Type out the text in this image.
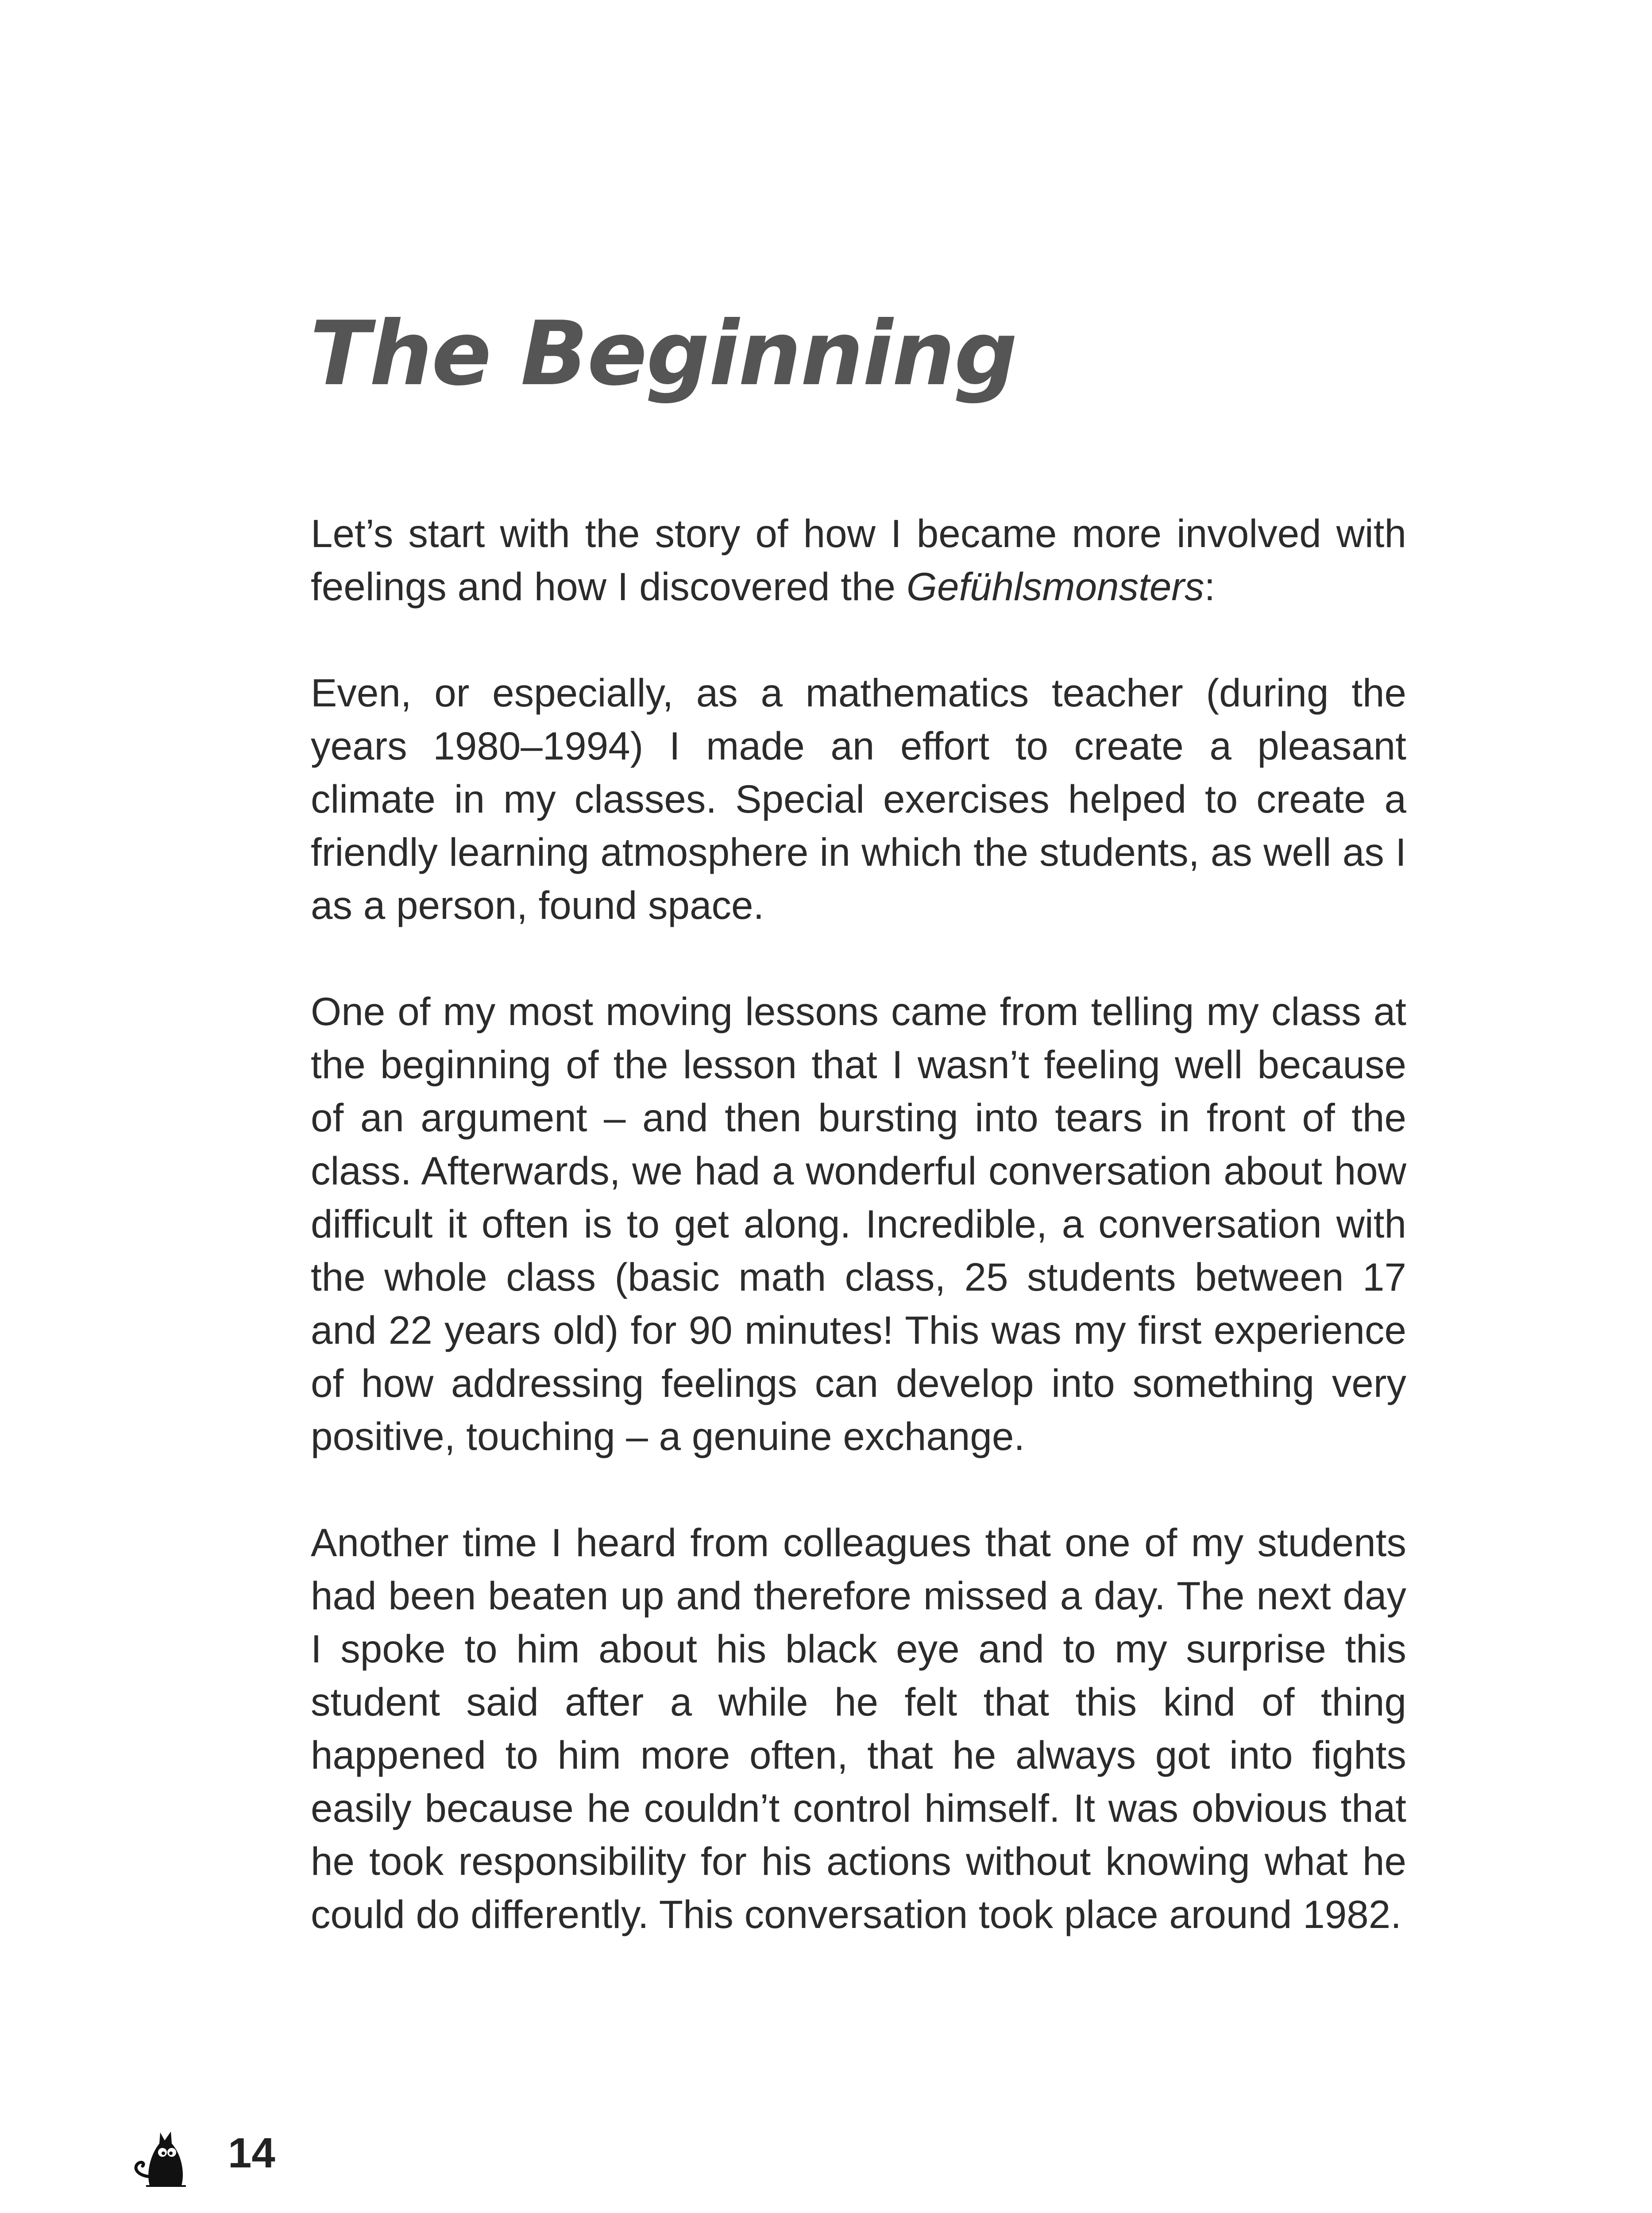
The Beginning

Let’s start with the story of how I became more involved with feelings and how I discovered the Gefühlsmonsters:

Even, or especially, as a mathematics teacher (during the years 1980–1994) I made an effort to create a pleasant climate in my classes. Special exercises helped to create a friendly learning atmosphere in which the students, as well as I as a person, found space.

One of my most moving lessons came from telling my class at the beginning of the lesson that I wasn’t feeling well because of an argument – and then bursting into tears in front of the class. Afterwards, we had a wonderful conversation about how difficult it often is to get along. Incredible, a conversation with the whole class (basic math class, 25 students between 17 and 22 years old) for 90 minutes! This was my first experience of how addressing feelings can develop into something very positive, touching – a genuine exchange.

Another time I heard from colleagues that one of my students had been beaten up and therefore missed a day. The next day I spoke to him about his black eye and to my surprise this student said after a while he felt that this kind of thing happened to him more often, that he always got into fights easily because he couldn’t control himself. It was obvious that he took responsibility for his actions without knowing what he could do differently. This conversation took place around 1982.

14
